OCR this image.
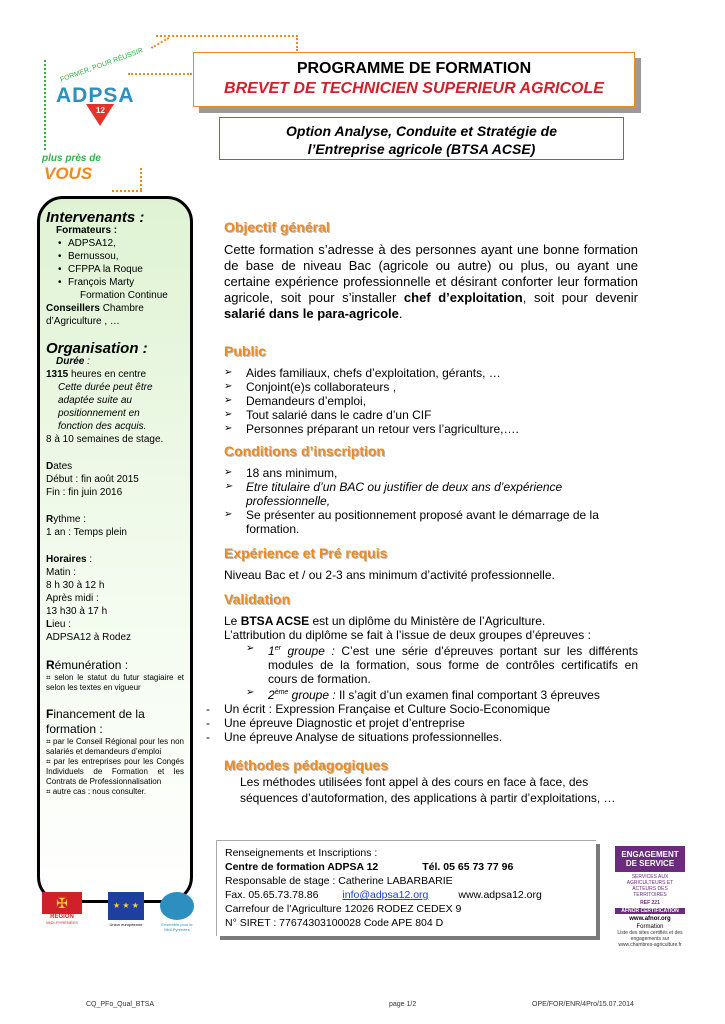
FORMER, POUR RÉUSSIR
ADPSA
12
plus près de
VOUS
PROGRAMME DE FORMATION
BREVET DE TECHNICIEN SUPERIEUR AGRICOLE
Option Analyse, Conduite et Stratégie de
l’Entreprise agricole (BTSA ACSE)
Intervenants :
Formateurs :
• ADPSA12,
• Bernussou,
• CFPPA la Roque
• François Marty
Formation Continue
Conseillers Chambre
d’Agriculture , …
Organisation :
Durée :
1315 heures en centre
Cette durée peut être
adaptée suite au
positionnement en
fonction des acquis.
8 à 10 semaines de stage.
Dates
Début : fin août 2015
Fin : fin juin 2016
Rythme :
1 an : Temps plein
Horaires :
Matin :
8 h 30 à 12 h
Après midi :
13 h30 à 17 h
Lieu :
ADPSA12 à Rodez
Rémunération :
⌗ selon le statut du futur stagiaire et selon les textes en vigueur
Financement de la
formation :
⌗ par le Conseil Régional pour les non salariés et demandeurs d’emploi
⌗ par les entreprises pour les Congés Individuels de Formation et les Contrats de Professionnalisation
⌗ autre cas : nous consulter.
Objectif général

Cette formation s’adresse à des personnes ayant une bonne formation de base de niveau Bac (agricole ou autre) ou plus, ou ayant une certaine expérience professionnelle et désirant conforter leur formation agricole, soit pour s’installer chef d’exploitation, soit pour devenir salarié dans le para-agricole.

Public
➢ Aides familiaux, chefs d’exploitation, gérants, …
➢ Conjoint(e)s collaborateurs ,
➢ Demandeurs d’emploi,
➢ Tout salarié dans le cadre d’un CIF
➢ Personnes préparant un retour vers l’agriculture,….
Conditions d’inscription
➢ 18 ans minimum,
➢ Etre titulaire d’un BAC ou justifier de deux ans d’expérience professionnelle,
➢ Se présenter au positionnement proposé avant le démarrage de la formation.
Expérience et Pré requis

Niveau Bac et / ou 2-3 ans minimum d’activité professionnelle.

Validation

Le BTSA ACSE est un diplôme du Ministère de l’Agriculture.

L’attribution du diplôme se fait à l’issue de deux groupes d’épreuves :

➢ 1er groupe : C’est une série d’épreuves portant sur les différents modules de la formation, sous forme de contrôles certificatifs en cours de formation.
➢ 2ème groupe : Il s’agit d’un examen final comportant 3 épreuves
- Un écrit : Expression Française et Culture Socio-Economique
- Une épreuve Diagnostic et projet d’entreprise
- Une épreuve Analyse de situations professionnelles.
Méthodes pédagogiques

Les méthodes utilisées font appel à des cours en face à face, des séquences d’autoformation, des applications à partir d’exploitations, …

Renseignements et Inscriptions :
Centre de formation ADPSA 12	Tél. 05 65 73 77 96
Responsable de stage : Catherine LABARBARIE
Fax. 05.65.73.78.86 info@adpsa12.org	www.adpsa12.org
Carrefour de l’Agriculture 12026 RODEZ CEDEX 9
N° SIRET : 77674303100028 Code APE 804 D
ENGAGEMENT DE SERVICE
SERVICES AUX AGRICULTEURS ET ACTEURS DES TERRITOIRES
REF 221
AFNOR CERTIFICATION
www.afnor.org
Formation
Liste des sites certifiés et des engagements sur www.chambres-agriculture.fr
✠
RÉGION
MIDI-PYRÉNÉES
★ ★ ★
Union européenne	Ensemble pour le Midi-Pyrénées
CQ_PFo_Qual_BTSA	page 1/2	OPE/FOR/ENR/4Pro/15.07.2014
